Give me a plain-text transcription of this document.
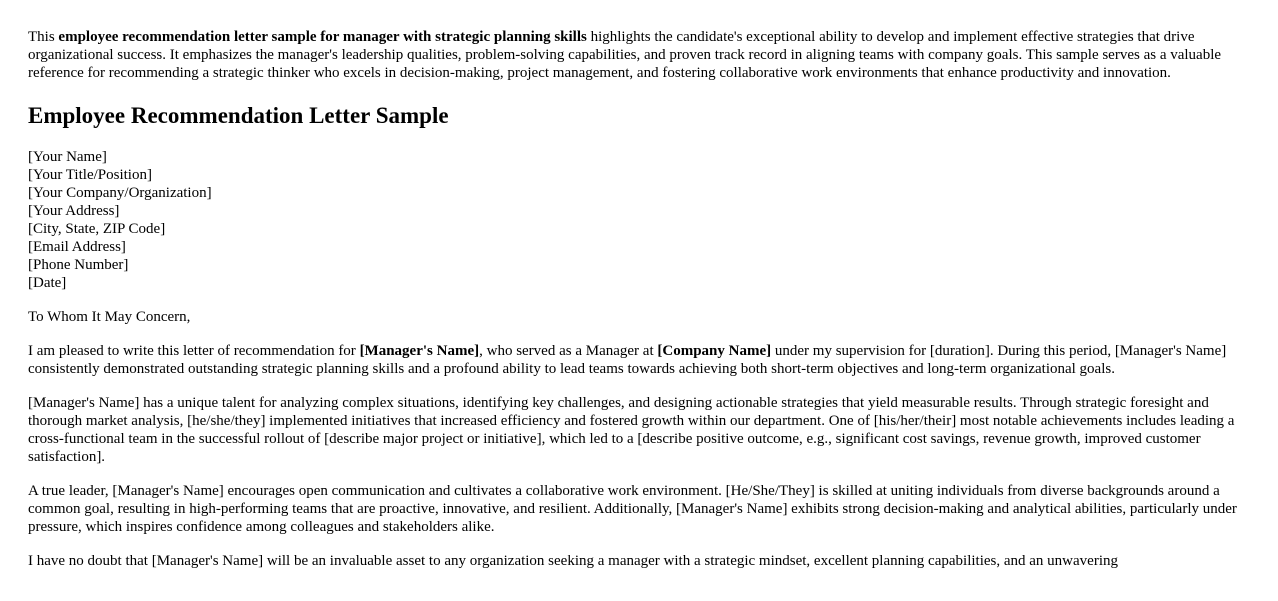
This employee recommendation letter sample for manager with strategic planning skills highlights the candidate's exceptional ability to develop and implement effective strategies that drive organizational success. It emphasizes the manager's leadership qualities, problem-solving capabilities, and proven track record in aligning teams with company goals. This sample serves as a valuable reference for recommending a strategic thinker who excels in decision-making, project management, and fostering collaborative work environments that enhance productivity and innovation.

Employee Recommendation Letter Sample
[Your Name]
[Your Title/Position]
[Your Company/Organization]
[Your Address]
[City, State, ZIP Code]
[Email Address]
[Phone Number]
[Date]

To Whom It May Concern,

I am pleased to write this letter of recommendation for [Manager's Name], who served as a Manager at [Company Name] under my supervision for [duration]. During this period, [Manager's Name] consistently demonstrated outstanding strategic planning skills and a profound ability to lead teams towards achieving both short-term objectives and long-term organizational goals.

[Manager's Name] has a unique talent for analyzing complex situations, identifying key challenges, and designing actionable strategies that yield measurable results. Through strategic foresight and thorough market analysis, [he/she/they] implemented initiatives that increased efficiency and fostered growth within our department. One of [his/her/their] most notable achievements includes leading a cross-functional team in the successful rollout of [describe major project or initiative], which led to a [describe positive outcome, e.g., significant cost savings, revenue growth, improved customer satisfaction].

A true leader, [Manager's Name] encourages open communication and cultivates a collaborative work environment. [He/She/They] is skilled at uniting individuals from diverse backgrounds around a common goal, resulting in high-performing teams that are proactive, innovative, and resilient. Additionally, [Manager's Name] exhibits strong decision-making and analytical abilities, particularly under pressure, which inspires confidence among colleagues and stakeholders alike.

I have no doubt that [Manager's Name] will be an invaluable asset to any organization seeking a manager with a strategic mindset, excellent planning capabilities, and an unwavering
